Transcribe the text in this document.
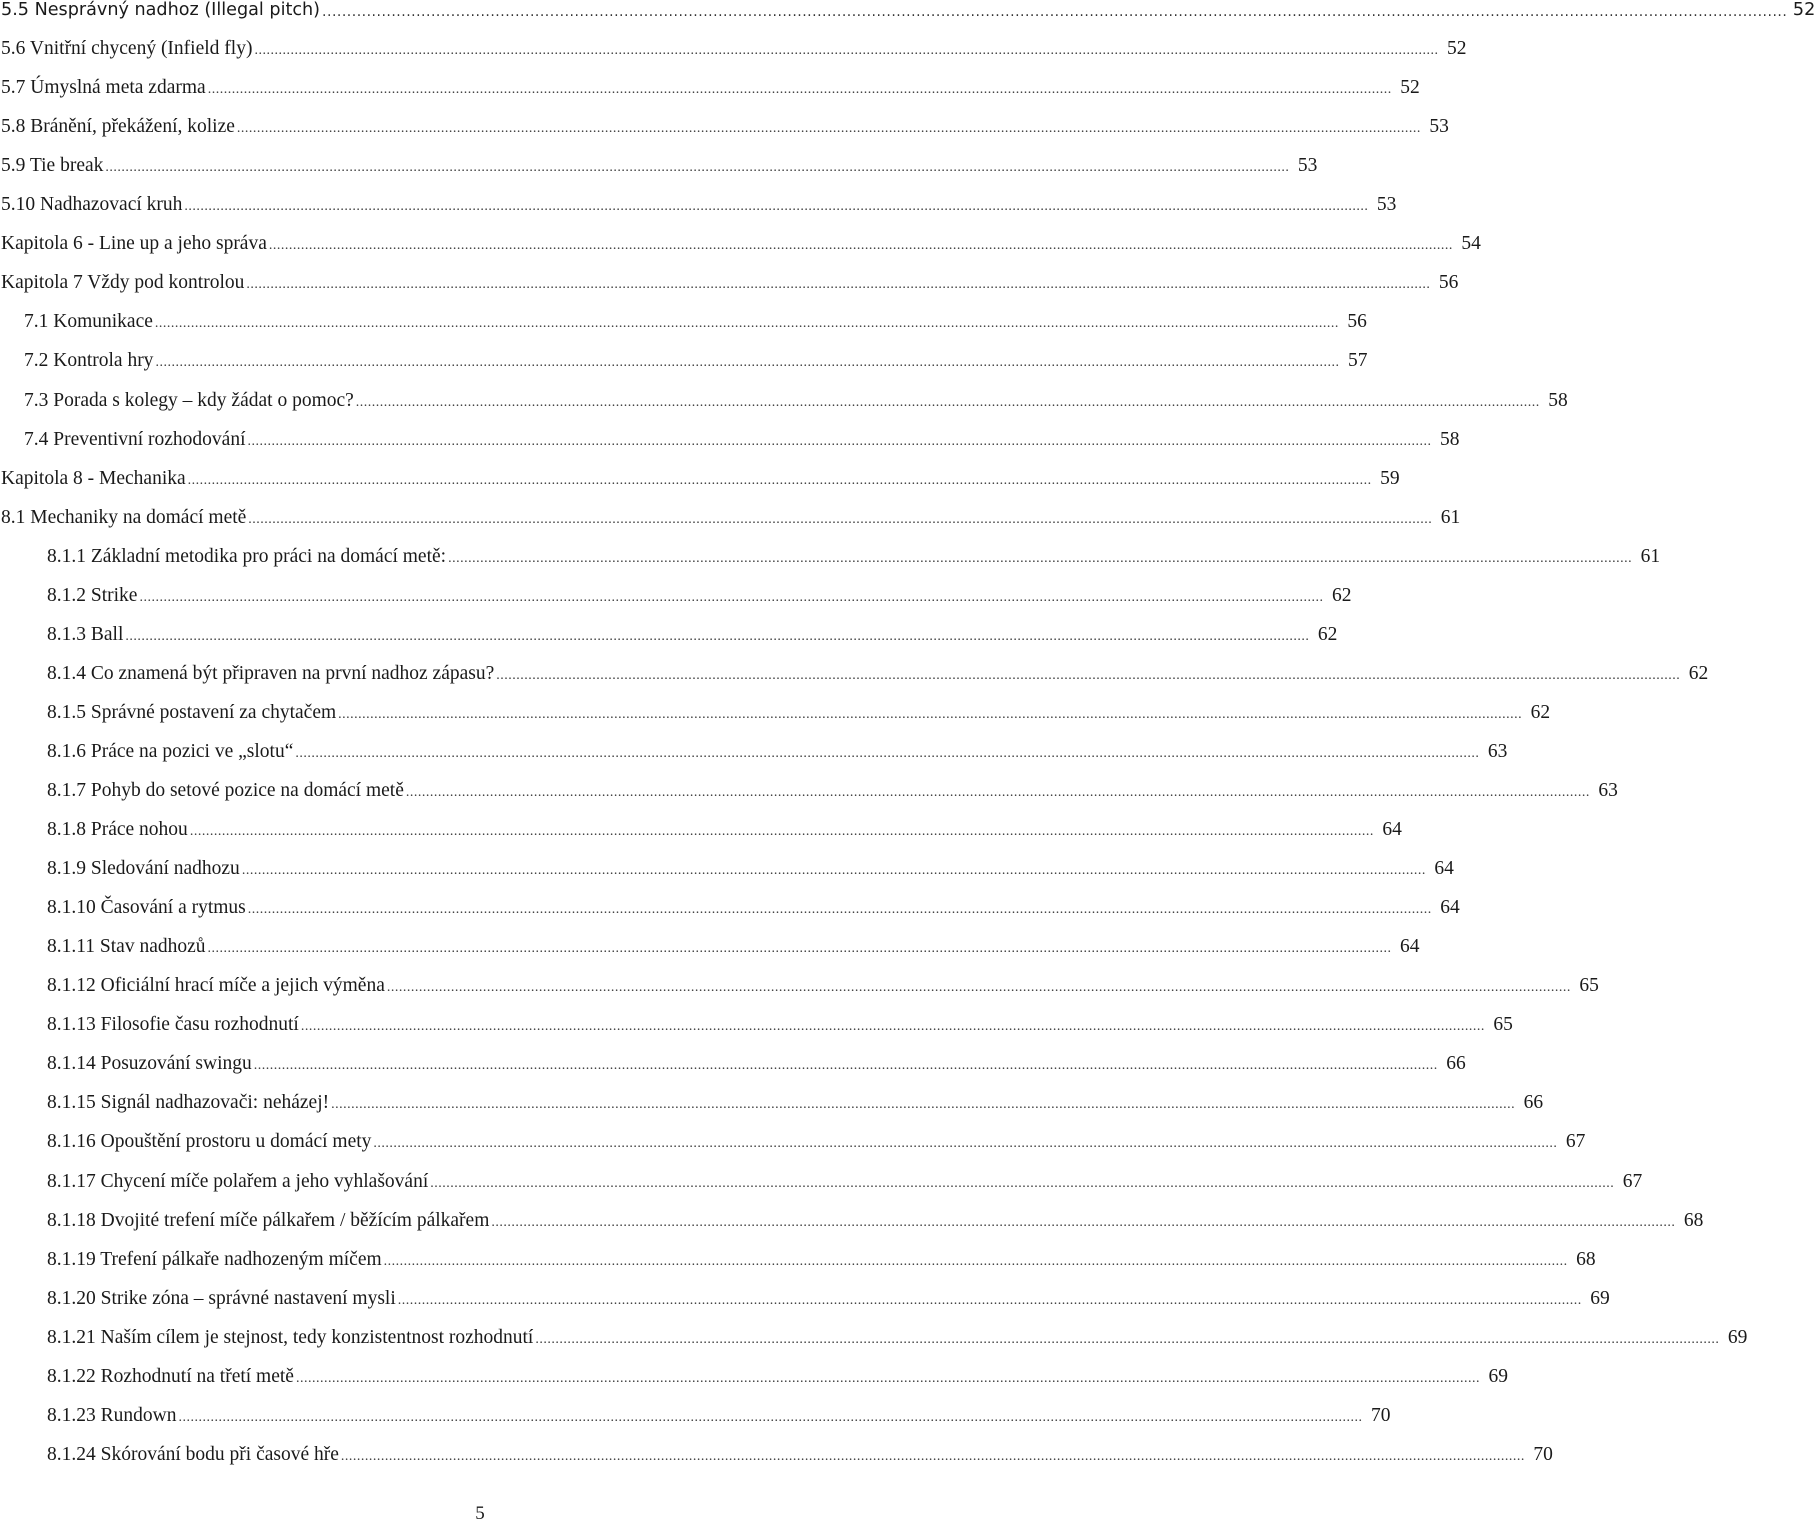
5.5 Nesprávný nadhoz (Illegal pitch) .....	52
5.6 Vnitřní chycený (Infield fly) .....	52
5.7 Úmyslná meta zdarma .....	52
5.8 Bránění, překážení, kolize .....	53
5.9 Tie break .....	53
5.10 Nadhazovací kruh .....	53
Kapitola 6 - Line up a jeho správa .....	54
Kapitola 7 Vždy pod kontrolou .....	56
7.1 Komunikace .....	56
7.2 Kontrola hry .....	57
7.3 Porada s kolegy – kdy žádat o pomoc? .....	58
7.4 Preventivní rozhodování .....	58
Kapitola 8 - Mechanika .....	59
8.1 Mechaniky na domácí metě .....	61
8.1.1 Základní metodika pro práci na domácí metě: .....	61
8.1.2 Strike .....	62
8.1.3 Ball .....	62
8.1.4 Co znamená být připraven na první nadhoz zápasu? .....	62
8.1.5 Správné postavení za chytačem .....	62
8.1.6 Práce na pozici ve „slotu“ .....	63
8.1.7 Pohyb do setové pozice na domácí metě .....	63
8.1.8 Práce nohou .....	64
8.1.9 Sledování nadhozu .....	64
8.1.10 Časování a rytmus .....	64
8.1.11 Stav nadhozů .....	64
8.1.12 Oficiální hrací míče a jejich výměna .....	65
8.1.13 Filosofie času rozhodnutí .....	65
8.1.14 Posuzování swingu .....	66
8.1.15 Signál nadhazovači: neházej! .....	66
8.1.16 Opouštění prostoru u domácí mety .....	67
8.1.17 Chycení míče polařem a jeho vyhlašování .....	67
8.1.18 Dvojité trefení míče pálkařem / běžícím pálkařem .....	68
8.1.19 Trefení pálkaře nadhozeným míčem .....	68
8.1.20 Strike zóna – správné nastavení mysli .....	69
8.1.21 Naším cílem je stejnost, tedy konzistentnost rozhodnutí .....	69
8.1.22 Rozhodnutí na třetí metě .....	69
8.1.23 Rundown .....	70
8.1.24 Skórování bodu při časové hře .....	70
5
